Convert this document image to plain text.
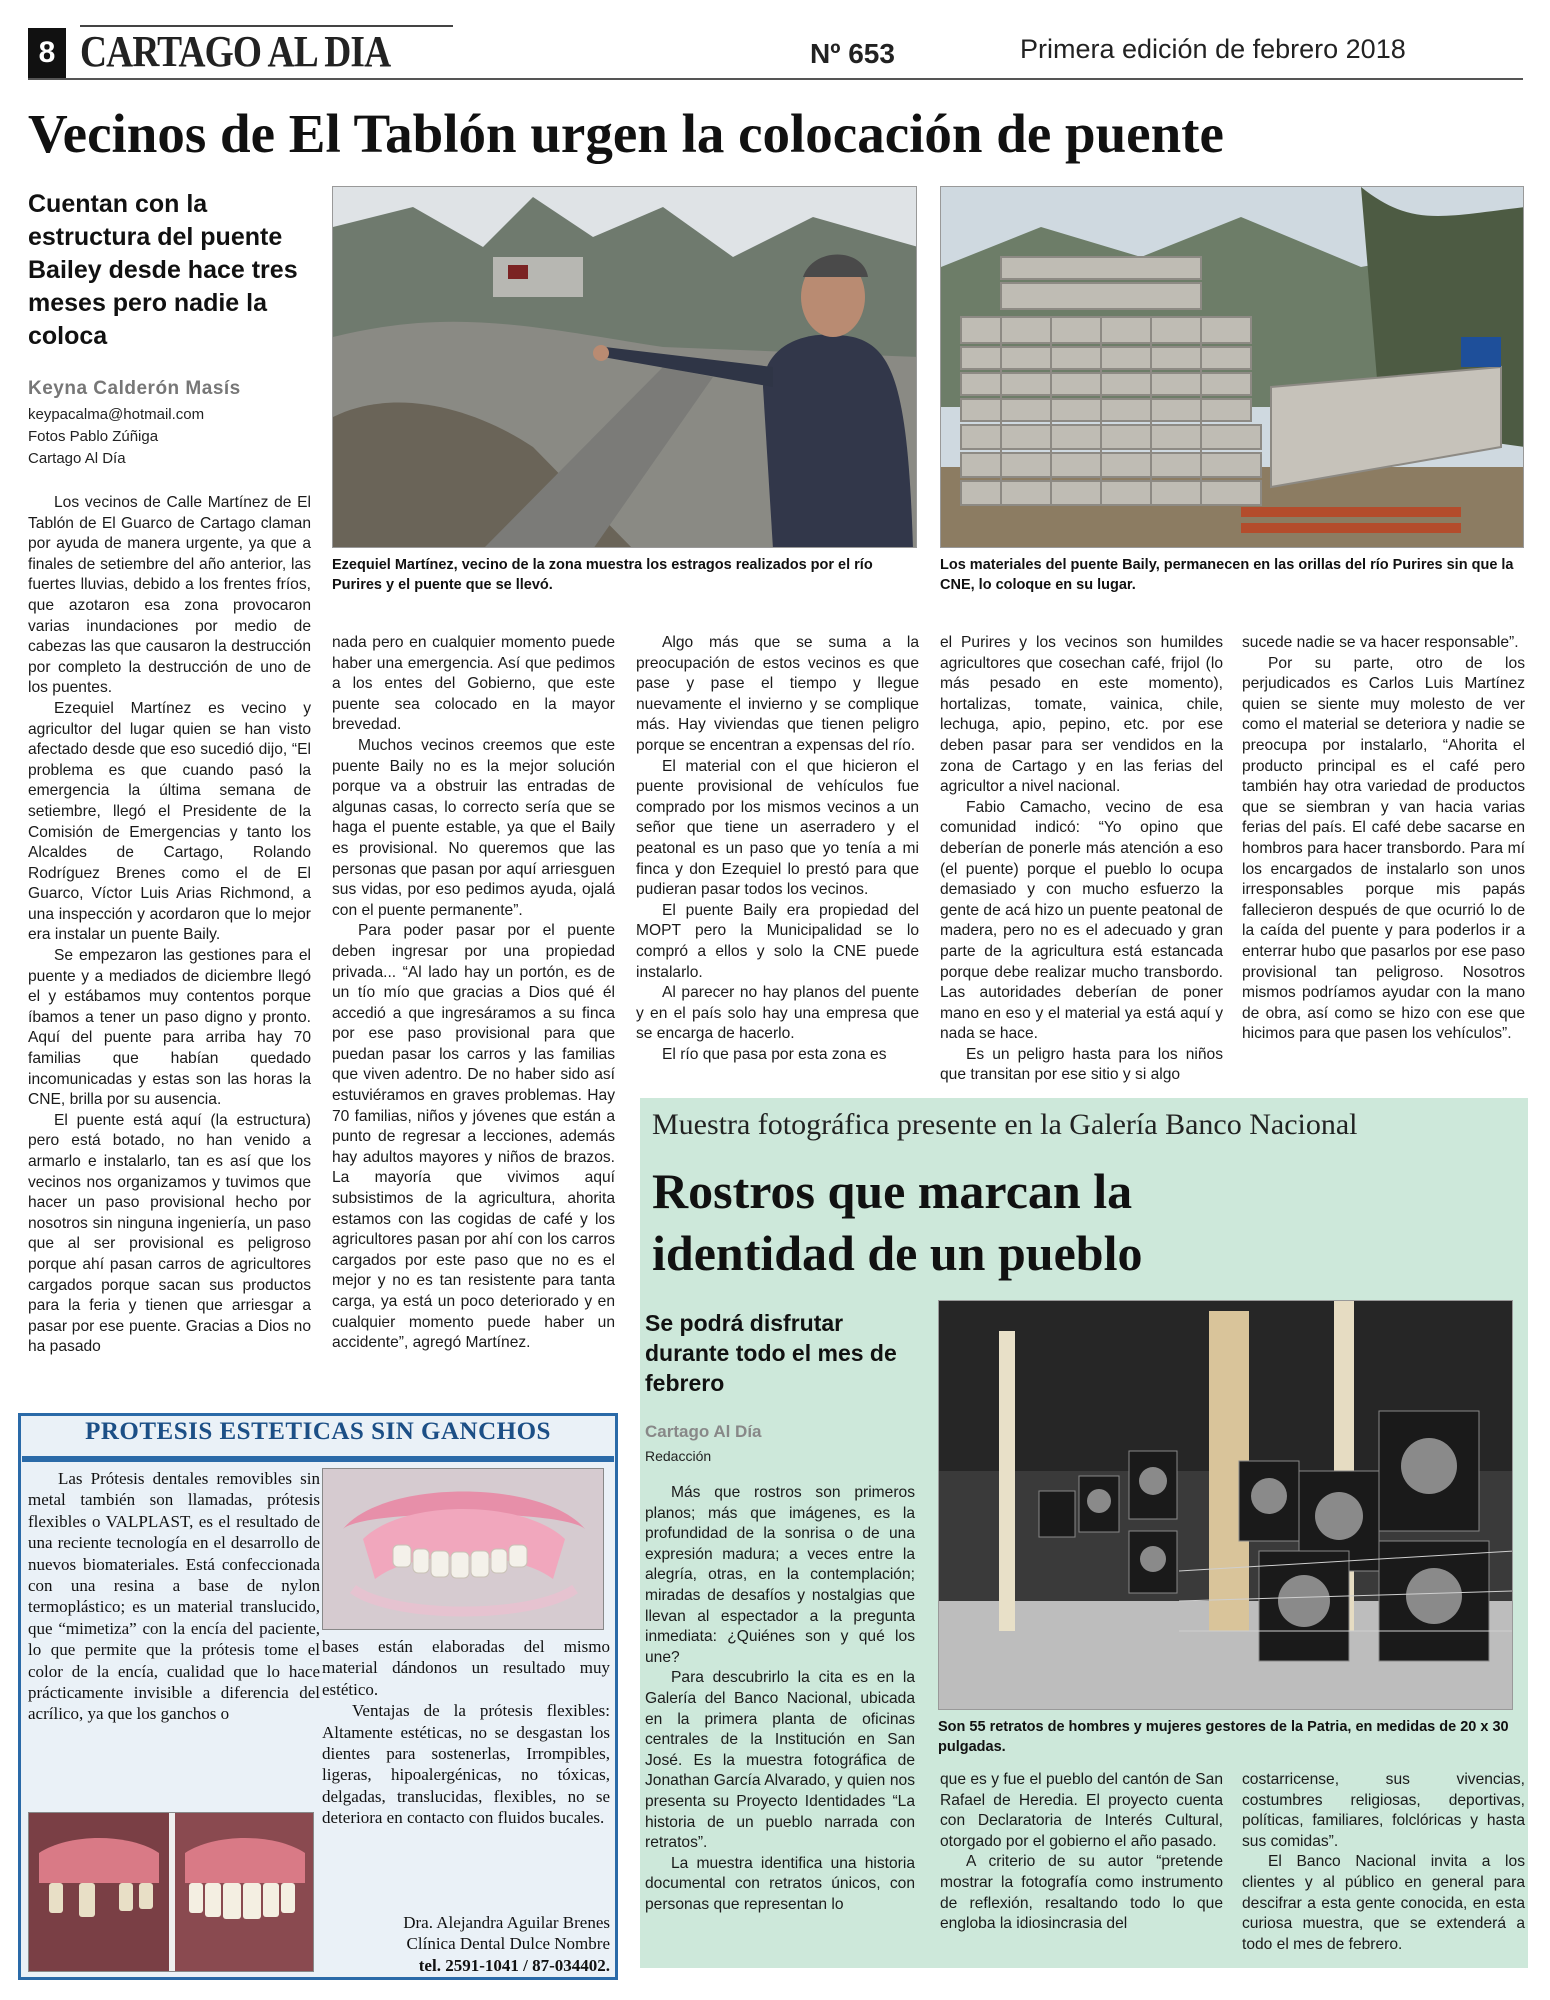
8 CARTAGO AL DIA	Nº 653	Primera edición de febrero 2018
Vecinos de El Tablón urgen la colocación de puente
Cuentan con la estructura del puente Bailey desde hace tres meses pero nadie la coloca
Keyna Calderón Masís
keypacalma@hotmail.com
Fotos Pablo Zúñiga
Cartago Al Día
Ezequiel Martínez, vecino de la zona muestra los estragos realizados por el río Purires y el puente que se llevó.
Los materiales del puente Baily, permanecen en las orillas del río Purires sin que la CNE, lo coloque en su lugar.

Los vecinos de Calle Martínez de El Tablón de El Guarco de Cartago claman por ayuda de manera urgente, ya que a finales de setiembre del año anterior, las fuertes lluvias, debido a los frentes fríos, que azotaron esa zona provocaron varias inundaciones por medio de cabezas las que causaron la destrucción por completo la destrucción de uno de los puentes.

Ezequiel Martínez es vecino y agricultor del lugar quien se han visto afectado desde que eso sucedió dijo, “El problema es que cuando pasó la emergencia la última semana de setiembre, llegó el Presidente de la Comisión de Emergencias y tanto los Alcaldes de Cartago, Rolando Rodríguez Brenes como el de El Guarco, Víctor Luis Arias Richmond, a una inspección y acordaron que lo mejor era instalar un puente Baily.

Se empezaron las gestiones para el puente y a mediados de diciembre llegó el y estábamos muy contentos porque íbamos a tener un paso digno y pronto. Aquí del puente para arriba hay 70 familias que habían quedado incomunicadas y estas son las horas la CNE, brilla por su ausencia.

El puente está aquí (la estructura) pero está botado, no han venido a armarlo e instalarlo, tan es así que los vecinos nos organizamos y tuvimos que hacer un paso provisional hecho por nosotros sin ninguna ingeniería, un paso que al ser provisional es peligroso porque ahí pasan carros de agricultores cargados porque sacan sus productos para la feria y tienen que arriesgar a pasar por ese puente. Gracias a Dios no ha pasado

nada pero en cualquier momento puede haber una emergencia. Así que pedimos a los entes del Gobierno, que este puente sea colocado en la mayor brevedad.

Muchos vecinos creemos que este puente Baily no es la mejor solución porque va a obstruir las entradas de algunas casas, lo correcto sería que se haga el puente estable, ya que el Baily es provisional. No queremos que las personas que pasan por aquí arriesguen sus vidas, por eso pedimos ayuda, ojalá con el puente permanente”.

Para poder pasar por el puente deben ingresar por una propiedad privada... “Al lado hay un portón, es de un tío mío que gracias a Dios qué él accedió a que ingresáramos a su finca por ese paso provisional para que puedan pasar los carros y las familias que viven adentro. De no haber sido así estuviéramos en graves problemas. Hay 70 familias, niños y jóvenes que están a punto de regresar a lecciones, además hay adultos mayores y niños de brazos. La mayoría que vivimos aquí subsistimos de la agricultura, ahorita estamos con las cogidas de café y los agricultores pasan por ahí con los carros cargados por este paso que no es el mejor y no es tan resistente para tanta carga, ya está un poco deteriorado y en cualquier momento puede haber un accidente”, agregó Martínez.

Algo más que se suma a la preocupación de estos vecinos es que pase y pase el tiempo y llegue nuevamente el invierno y se complique más. Hay viviendas que tienen peligro porque se encentran a expensas del río.

El material con el que hicieron el puente provisional de vehículos fue comprado por los mismos vecinos a un señor que tiene un aserradero y el peatonal es un paso que yo tenía a mi finca y don Ezequiel lo prestó para que pudieran pasar todos los vecinos.

El puente Baily era propiedad del MOPT pero la Municipalidad se lo compró a ellos y solo la CNE puede instalarlo.

Al parecer no hay planos del puente y en el país solo hay una empresa que se encarga de hacerlo.

El río que pasa por esta zona es

el Purires y los vecinos son humildes agricultores que cosechan café, frijol (lo más pesado en este momento), hortalizas, tomate, vainica, chile, lechuga, apio, pepino, etc. por ese deben pasar para ser vendidos en la zona de Cartago y en las ferias del agricultor a nivel nacional.

Fabio Camacho, vecino de esa comunidad indicó: “Yo opino que deberían de ponerle más atención a eso (el puente) porque el pueblo lo ocupa demasiado y con mucho esfuerzo la gente de acá hizo un puente peatonal de madera, pero no es el adecuado y gran parte de la agricultura está estancada porque debe realizar mucho transbordo. Las autoridades deberían de poner mano en eso y el material ya está aquí y nada se hace.

Es un peligro hasta para los niños que transitan por ese sitio y si algo

sucede nadie se va hacer responsable”.

Por su parte, otro de los perjudicados es Carlos Luis Martínez quien se siente muy molesto de ver como el material se deteriora y nadie se preocupa por instalarlo, “Ahorita el producto principal es el café pero también hay otra variedad de productos que se siembran y van hacia varias ferias del país. El café debe sacarse en hombros para hacer transbordo. Para mí los encargados de instalarlo son unos irresponsables porque mis papás fallecieron después de que ocurrió lo de la caída del puente y para poderlos ir a enterrar hubo que pasarlos por ese paso provisional tan peligroso. Nosotros mismos podríamos ayudar con la mano de obra, así como se hizo con ese que hicimos para que pasen los vehículos”.

Muestra fotográfica presente en la Galería Banco Nacional
Rostros que marcan la identidad de un pueblo
Se podrá disfrutar durante todo el mes de febrero
Cartago Al Día
Redacción
Son 55 retratos de hombres y mujeres gestores de la Patria, en medidas de 20 x 30 pulgadas.

Más que rostros son primeros planos; más que imágenes, es la profundidad de la sonrisa o de una expresión madura; a veces entre la alegría, otras, en la contemplación; miradas de desafíos y nostalgias que llevan al espectador a la pregunta inmediata: ¿Quiénes son y qué los une?

Para descubrirlo la cita es en la Galería del Banco Nacional, ubicada en la primera planta de oficinas centrales de la Institución en San José. Es la muestra fotográfica de Jonathan García Alvarado, y quien nos presenta su Proyecto Identidades “La historia de un pueblo narrada con retratos”.

La muestra identifica una historia documental con retratos únicos, con personas que representan lo

que es y fue el pueblo del cantón de San Rafael de Heredia. El proyecto cuenta con Declaratoria de Interés Cultural, otorgado por el gobierno el año pasado.

A criterio de su autor “pretende mostrar la fotografía como instrumento de reflexión, resaltando todo lo que engloba la idiosincrasia del

costarricense, sus vivencias, costumbres religiosas, deportivas, políticas, familiares, folclóricas y hasta sus comidas”.

El Banco Nacional invita a los clientes y al público en general para descifrar a esta gente conocida, en esta curiosa muestra, que se extenderá a todo el mes de febrero.

PROTESIS ESTETICAS SIN GANCHOS

Las Prótesis dentales removibles sin metal también son llamadas, prótesis flexibles o VALPLAST, es el resultado de una reciente tecnología en el desarrollo de nuevos biomateriales. Está confeccionada con una resina a base de nylon termoplástico; es un material translucido, que “mimetiza” con la encía del paciente, lo que permite que la prótesis tome el color de la encía, cualidad que lo hace prácticamente invisible a diferencia del acrílico, ya que los ganchos o

bases están elaboradas del mismo material dándonos un resultado muy estético.

Ventajas de la prótesis flexibles: Altamente estéticas, no se desgastan los dientes para sostenerlas, Irrompibles, ligeras, hipoalergénicas, no tóxicas, delgadas, translucidas, flexibles, no se deteriora en contacto con fluidos bucales.

Dra. Alejandra Aguilar Brenes
Clínica Dental Dulce Nombre
tel. 2591-1041 / 87-034402.
